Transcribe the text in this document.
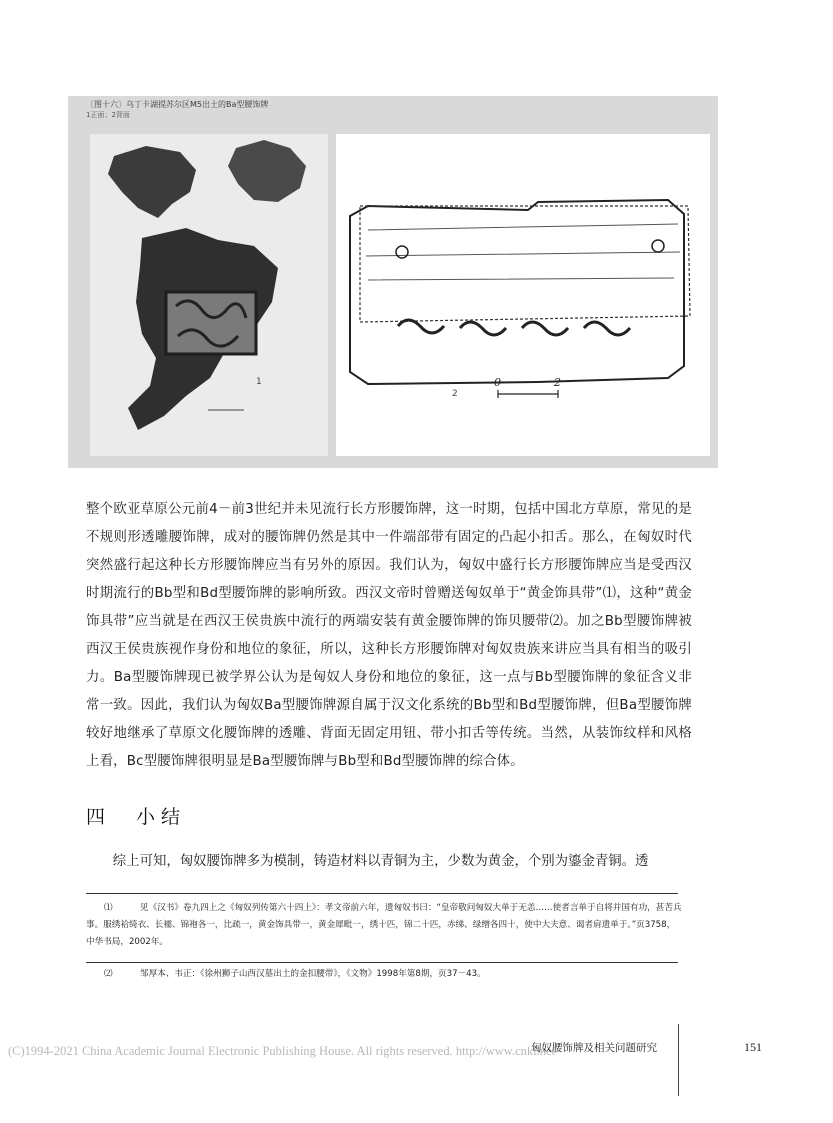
1	0	2
2
〔图十六〕乌丁卡湖提苏尔区M5出土的Ba型腰饰牌
1正面；2背面

整个欧亚草原公元前4－前3世纪并未见流行长方形腰饰牌，这一时期，包括中国北方草原，常见的是不规则形透雕腰饰牌，成对的腰饰牌仍然是其中一件端部带有固定的凸起小扣舌。那么，在匈奴时代突然盛行起这种长方形腰饰牌应当有另外的原因。我们认为，匈奴中盛行长方形腰饰牌应当是受西汉时期流行的Bb型和Bd型腰饰牌的影响所致。西汉文帝时曾赠送匈奴单于“黄金饰具带”⑴，这种“黄金饰具带”应当就是在西汉王侯贵族中流行的两端安装有黄金腰饰牌的饰贝腰带⑵。加之Bb型腰饰牌被西汉王侯贵族视作身份和地位的象征，所以，这种长方形腰饰牌对匈奴贵族来讲应当具有相当的吸引力。Ba型腰饰牌现已被学界公认为是匈奴人身份和地位的象征，这一点与Bb型腰饰牌的象征含义非常一致。因此，我们认为匈奴Ba型腰饰牌源自属于汉文化系统的Bb型和Bd型腰饰牌，但Ba型腰饰牌较好地继承了草原文化腰饰牌的透雕、背面无固定用钮、带小扣舌等传统。当然，从装饰纹样和风格上看，Bc型腰饰牌很明显是Ba型腰饰牌与Bb型和Bd型腰饰牌的综合体。

四　小结
综上可知，匈奴腰饰牌多为模制，铸造材料以青铜为主，少数为黄金，个别为鎏金青铜。透
⑴	见《汉书》卷九四上之《匈奴列传第六十四上》：孝文帝前六年，遗匈奴书曰：“皇帝敬问匈奴大单于无恙……使者言单于自将并国有功，甚苦兵事。服绣袷绮衣、长襦、锦袍各一，比疏一，黄金饰具带一，黄金犀毗一，绣十匹，锦二十匹，赤绨、绿缯各四十，使中大夫意、谒者肩遗单于。”页3758，中华书局，2002年。
⑵	邹厚本、韦正：《徐州狮子山西汉墓出土的金扣腰带》，《文物》1998年第8期，页37－43。
(C)1994-2021 China Academic Journal Electronic Publishing House. All rights reserved. http://www.cnki.net
匈奴腰饰牌及相关问题研究	151
